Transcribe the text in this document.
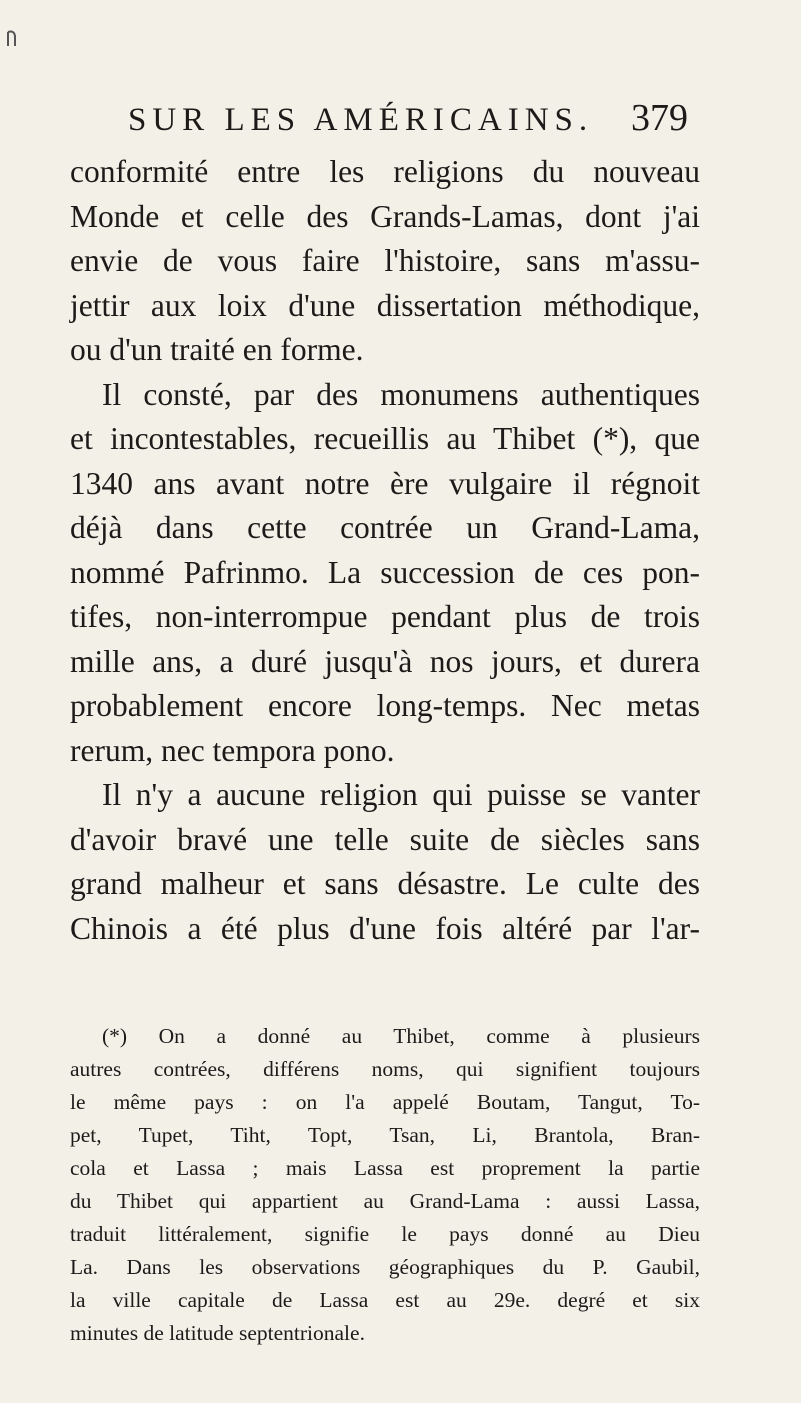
SUR LES AMÉRICAINS. 379
conformité entre les religions du nouveau
Monde et celle des Grands-Lamas, dont j'ai
envie de vous faire l'histoire, sans m'assu-
jettir aux loix d'une dissertation méthodique,
ou d'un traité en forme.
Il consté, par des monumens authentiques
et incontestables, recueillis au Thibet (*), que
1340 ans avant notre ère vulgaire il régnoit
déjà dans cette contrée un Grand-Lama,
nommé Pafrinmo. La succession de ces pon-
tifes, non-interrompue pendant plus de trois
mille ans, a duré jusqu'à nos jours, et durera
probablement encore long-temps. Nec metas
rerum, nec tempora pono.
Il n'y a aucune religion qui puisse se vanter
d'avoir bravé une telle suite de siècles sans
grand malheur et sans désastre. Le culte des
Chinois a été plus d'une fois altéré par l'ar-
(*) On a donné au Thibet, comme à plusieurs
autres contrées, différens noms, qui signifient toujours
le même pays : on l'a appelé Boutam, Tangut, To-
pet, Tupet, Tiht, Topt, Tsan, Li, Brantola, Bran-
cola et Lassa ; mais Lassa est proprement la partie
du Thibet qui appartient au Grand-Lama : aussi Lassa,
traduit littéralement, signifie le pays donné au Dieu
La. Dans les observations géographiques du P. Gaubil,
la ville capitale de Lassa est au 29e. degré et six
minutes de latitude septentrionale.
